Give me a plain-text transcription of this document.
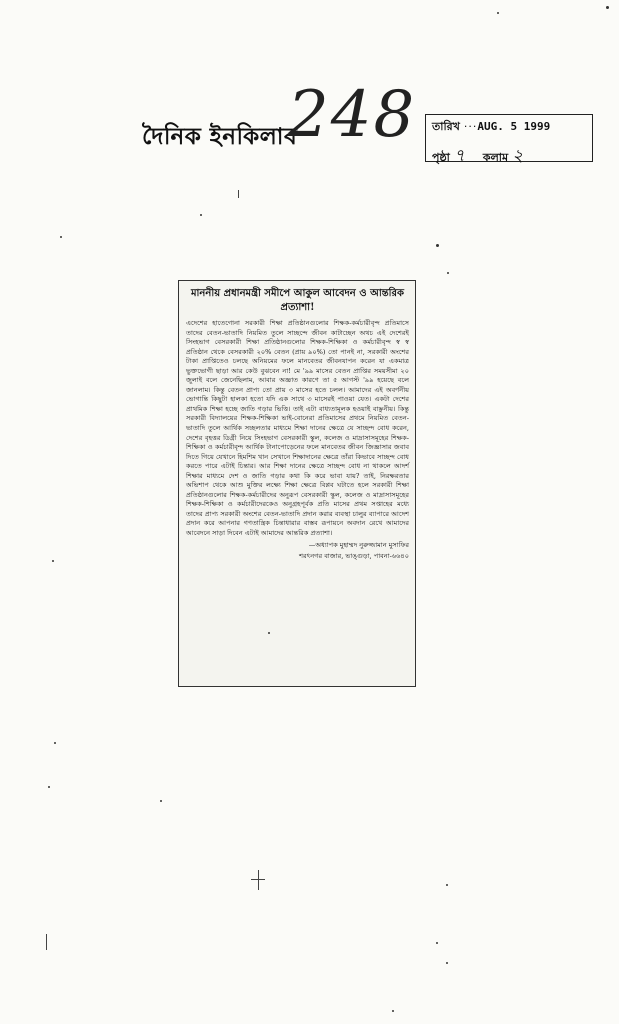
দৈনিক ইনকিলাব
248 তারিখ ··· AUG. 5 1999
পৃষ্ঠা ৭ কলাম ২
মাননীয় প্রধানমন্ত্রী সমীপে আকুল আবেদন ও আন্তরিক প্রত্যাশা!

এদেশের হাতেগোনা সরকারী শিক্ষা প্রতিষ্ঠানগুলোর শিক্ষক-কর্মচারীবৃন্দ প্রতিমাসে তাদের বেতন-ভাতাদি নিয়মিত তুলে সাচ্ছন্দে জীবন কাটাচ্ছেন অথচ এই দেশেরই সিংহভাগ বেসরকারী শিক্ষা প্রতিষ্ঠানগুলোর শিক্ষক-শিক্ষিকা ও কর্মচারীবৃন্দ স্ব স্ব প্রতিষ্ঠান থেকে বেসরকারী ২০% বেতন (প্রায় ৯০%) তো পানই না, সরকারী অংশের টাকা প্রাপ্তিতেও চলছে অনিয়মের ফলে মানবেতর জীবনযাপন করেন যা একমাত্র ভুক্তভোগী ছাড়া আর কেউ বুঝবেন না! মে '৯৯ মাসের বেতন প্রাপ্তির সময়সীমা ২০ জুলাই বলে জেনেছিলাম, আবার অজ্ঞাত কারণে তা ৫ আগস্ট '৯৯ হয়েছে বলে জানলাম। কিন্তু বেতন প্রাপ্য তো প্রায় ৩ মাসের হতে চলল। আমাদের এই অবর্ণনীয় ভোগান্তি কিছুটা হালকা হতো যদি এক সাথে ৩ মাসেরই পাওয়া যেত। একটা দেশের প্রাথমিক শিক্ষা হচ্ছে জাতি গড়ার ভিত্তি। তাই এটা বাধ্যতামূলক হওয়াই বাঞ্ছনীয়। কিন্তু সরকারী বিদ্যালয়ের শিক্ষক-শিক্ষিকা ভাই-বোনেরা প্রতিমাসের প্রথমে নিয়মিত বেতন-ভাতাদি তুলে আর্থিক সচ্ছলতার মাধ্যমে শিক্ষা দানের ক্ষেত্রে যে সাচ্ছন্দ বোধ করেন, দেশের বৃহত্তর ডিগ্রী নিয়ে সিংহভাগ বেসরকারী স্কুল, কলেজ ও মাদ্রাসাসমূহের শিক্ষক-শিক্ষিকা ও কর্মচারীবৃন্দ আর্থিক টানাপোড়েনের ফলে মানবেতর জীবন জিজ্ঞাসার জবাব দিতে গিয়ে যেখানে হিমশিম খান সেখানে শিক্ষাদানের ক্ষেত্রে তাঁরা কিভাবে সাচ্ছন্দ বোধ করতে পারে এটাই চিন্তার। আর শিক্ষা দানের ক্ষেত্রে সাচ্ছন্দ বোধ না থাকলে আদর্শ শিক্ষার মাধ্যমে দেশ ও জাতি গড়ার কথা কি করে ভাবা যায়? তাই, নিরক্ষরতার অভিশাপ থেকে আশু মুক্তির লক্ষ্যে শিক্ষা ক্ষেত্রে বিপ্লব ঘটাতে হলে সরকারী শিক্ষা প্রতিষ্ঠানগুলোর শিক্ষক-কর্মচারীদের অনুরূপ বেসরকারী স্কুল, কলেজ ও মাদ্রাসাসমূহের শিক্ষক-শিক্ষিকা ও কর্মচারীদেরকেও অনুগ্রহপূর্বক প্রতি মাসের প্রথম সপ্তাহের মধ্যে তাদের প্রাপ্য সরকারী অংশের বেতন-ভাতাদি প্রদান করার ব্যবস্থা চালুর ব্যাপারে আদেশ প্রদান করে আপনার গণতান্ত্রিক চিন্তাধারার বাস্তব রূপায়নে অবদান রেখে আমাদের আবেদনে সাড়া দিবেন এটাই আমাদের আন্তরিক প্রত্যাশা।

—অধ্যাপক মুহাম্মদ নুরুজ্জামান মুসাফির
শরৎনগর বাজার, ভাঙ্গুড়া, পাবনা-৬৬৪০
